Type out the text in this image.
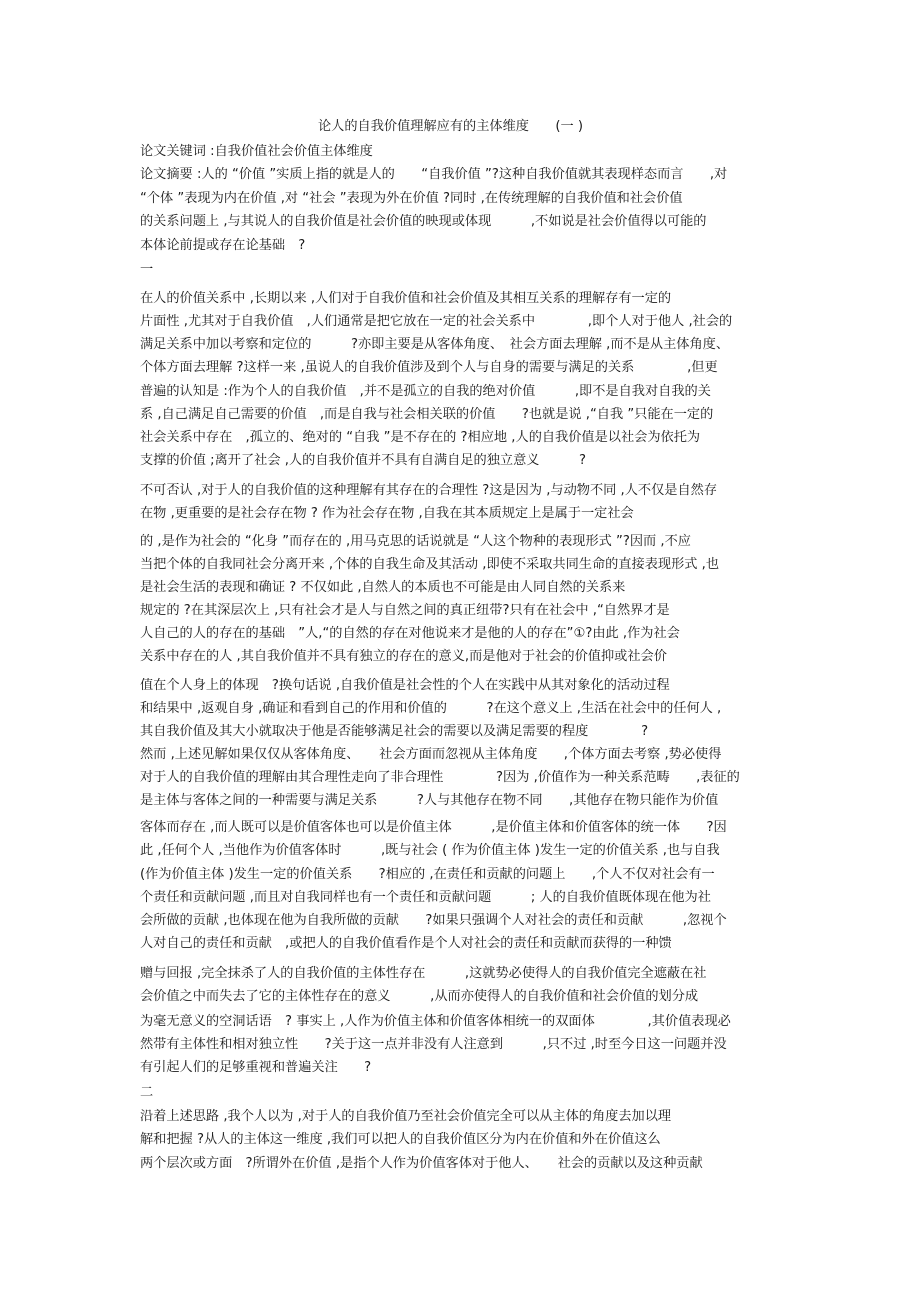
论人的自我价值理解应有的主体维度　　(一 )
论文关键词 :自我价值社会价值主体维度
论文摘要 :人的 “价值 ”实质上指的就是人的　　“自我价值 ”?这种自我价值就其表现样态而言　　,对
“个体 ”表现为内在价值 ,对 “社会 ”表现为外在价值 ?同时 ,在传统理解的自我价值和社会价值
的关系问题上 ,与其说人的自我价值是社会价值的映现或体现　　　,不如说是社会价值得以可能的
本体论前提或存在论基础　?
一
在人的价值关系中 ,长期以来 ,人们对于自我价值和社会价值及其相互关系的理解存有一定的
片面性 ,尤其对于自我价值　,人们通常是把它放在一定的社会关系中　　　　,即个人对于他人 ,社会的
满足关系中加以考察和定位的　　　?亦即主要是从客体角度、　社会方面去理解 ,而不是从主体角度、
个体方面去理解 ?这样一来 ,虽说人的自我价值涉及到个人与自身的需要与满足的关系　　　　,但更
普遍的认知是 :作为个人的自我价值　,并不是孤立的自我的绝对价值　　　,即不是自我对自我的关
系 ,自己满足自己需要的价值　,而是自我与社会相关联的价值　　?也就是说 ,“自我 ”只能在一定的
社会关系中存在　,孤立的、绝对的 “自我 ”是不存在的 ?相应地 ,人的自我价值是以社会为依托为
支撑的价值 ;离开了社会 ,人的自我价值并不具有自满自足的独立意义　　　?
不可否认 ,对于人的自我价值的这种理解有其存在的合理性 ?这是因为 ,与动物不同 ,人不仅是自然存
在物 ,更重要的是社会存在物 ? 作为社会存在物 ,自我在其本质规定上是属于一定社会
的 ,是作为社会的 “化身 ”而存在的 ,用马克思的话说就是 “人这个物种的表现形式 ”?因而 ,不应
当把个体的自我同社会分离开来 ,个体的自我生命及其活动 ,即使不采取共同生命的直接表现形式 ,也
是社会生活的表现和确证 ? 不仅如此 ,自然人的本质也不可能是由人同自然的关系来
规定的 ?在其深层次上 ,只有社会才是人与自然之间的真正纽带?只有在社会中 ,“自然界才是
人自己的人的存在的基础　”人,“的自然的存在对他说来才是他的人的存在”①?由此 ,作为社会
关系中存在的人 ,其自我价值并不具有独立的存在的意义,而是他对于社会的价值抑或社会价
值在个人身上的体现　?换句话说 ,自我价值是社会性的个人在实践中从其对象化的活动过程
和结果中 ,返观自身 ,确证和看到自己的作用和价值的　　　?在这个意义上 ,生活在社会中的任何人 ,
其自我价值及其大小就取决于他是否能够满足社会的需要以及满足需要的程度　　　　?
然而 ,上述见解如果仅仅从客体角度、　　社会方面而忽视从主体角度　　,个体方面去考察 ,势必使得
对于人的自我价值的理解由其合理性走向了非合理性　　　　?因为 ,价值作为一种关系范畴　　,表征的
是主体与客体之间的一种需要与满足关系　　　?人与其他存在物不同　　,其他存在物只能作为价值
客体而存在 ,而人既可以是价值客体也可以是价值主体　　　,是价值主体和价值客体的统一体　　?因
此 ,任何个人 ,当他作为价值客体时　　　,既与社会 ( 作为价值主体 )发生一定的价值关系 ,也与自我
(作为价值主体 )发生一定的价值关系　　?相应的 ,在责任和贡献的问题上　　,个人不仅对社会有一
个责任和贡献问题 ,而且对自我同样也有一个责任和贡献问题　　　; 人的自我价值既体现在他为社
会所做的贡献 ,也体现在他为自我所做的贡献　　?如果只强调个人对社会的责任和贡献　　　,忽视个
人对自己的责任和贡献　,或把人的自我价值看作是个人对社会的责任和贡献而获得的一种馈
赠与回报 ,完全抹杀了人的自我价值的主体性存在　　　,这就势必使得人的自我价值完全遮蔽在社
会价值之中而失去了它的主体性存在的意义　　　,从而亦使得人的自我价值和社会价值的划分成
为毫无意义的空洞话语　? 事实上 ,人作为价值主体和价值客体相统一的双面体　　　　,其价值表现必
然带有主体性和相对独立性　　?关于这一点并非没有人注意到　　　,只不过 ,时至今日这一问题并没
有引起人们的足够重视和普遍关注　　?
二
沿着上述思路 ,我个人以为 ,对于人的自我价值乃至社会价值完全可以从主体的角度去加以理
解和把握 ?从人的主体这一维度 ,我们可以把人的自我价值区分为内在价值和外在价值这么
两个层次或方面　?所谓外在价值 ,是指个人作为价值客体对于他人、　　社会的贡献以及这种贡献
